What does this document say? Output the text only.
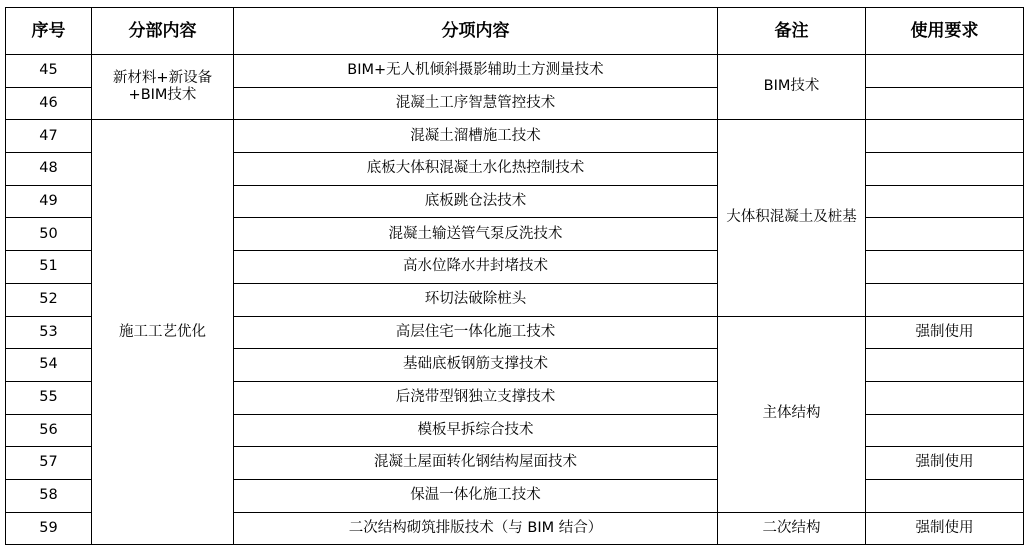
序号	分部内容	分项内容	备注	使用要求
45	新材料+新设备+BIM技术	BIM+无人机倾斜摄影辅助土方测量技术	BIM技术	
46		混凝土工序智慧管控技术		
47	施工工艺优化	混凝土溜槽施工技术	大体积混凝土及桩基	
48		底板大体积混凝土水化热控制技术		
49		底板跳仓法技术		
50		混凝土输送管气泵反洗技术		
51		高水位降水井封堵技术		
52		环切法破除桩头		
53		高层住宅一体化施工技术	主体结构	强制使用
54		基础底板钢筋支撑技术		
55		后浇带型钢独立支撑技术		
56		模板早拆综合技术		
57		混凝土屋面转化钢结构屋面技术		强制使用
58		保温一体化施工技术		
59		二次结构砌筑排版技术（与 BIM 结合）	二次结构	强制使用
